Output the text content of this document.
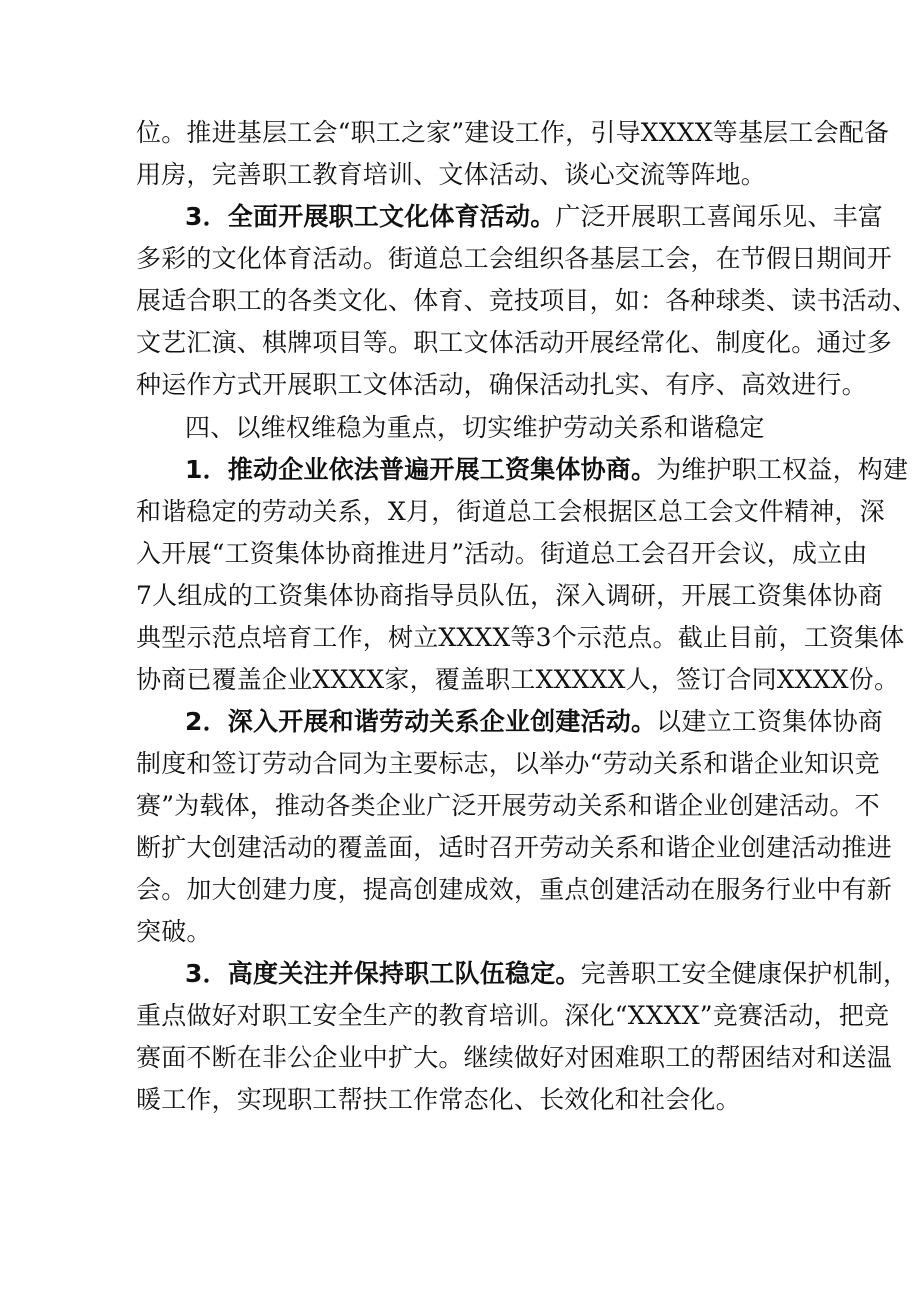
位。推进基层工会“职工之家”建设工作，引导XXXX等基层工会配备
用房，完善职工教育培训、文体活动、谈心交流等阵地。
3．全面开展职工文化体育活动。广泛开展职工喜闻乐见、丰富
多彩的文化体育活动。街道总工会组织各基层工会，在节假日期间开
展适合职工的各类文化、体育、竞技项目，如：各种球类、读书活动、
文艺汇演、棋牌项目等。职工文体活动开展经常化、制度化。通过多
种运作方式开展职工文体活动，确保活动扎实、有序、高效进行。
四、以维权维稳为重点，切实维护劳动关系和谐稳定
1．推动企业依法普遍开展工资集体协商。为维护职工权益，构建
和谐稳定的劳动关系，X月，街道总工会根据区总工会文件精神，深
入开展“工资集体协商推进月”活动。街道总工会召开会议，成立由
7人组成的工资集体协商指导员队伍，深入调研，开展工资集体协商
典型示范点培育工作，树立XXXX等3个示范点。截止目前，工资集体
协商已覆盖企业XXXX家，覆盖职工XXXXX人，签订合同XXXX份。
2．深入开展和谐劳动关系企业创建活动。以建立工资集体协商
制度和签订劳动合同为主要标志，以举办“劳动关系和谐企业知识竞
赛”为载体，推动各类企业广泛开展劳动关系和谐企业创建活动。不
断扩大创建活动的覆盖面，适时召开劳动关系和谐企业创建活动推进
会。加大创建力度，提高创建成效，重点创建活动在服务行业中有新
突破。
3．高度关注并保持职工队伍稳定。完善职工安全健康保护机制，
重点做好对职工安全生产的教育培训。深化“XXXX”竞赛活动，把竞
赛面不断在非公企业中扩大。继续做好对困难职工的帮困结对和送温
暖工作，实现职工帮扶工作常态化、长效化和社会化。
